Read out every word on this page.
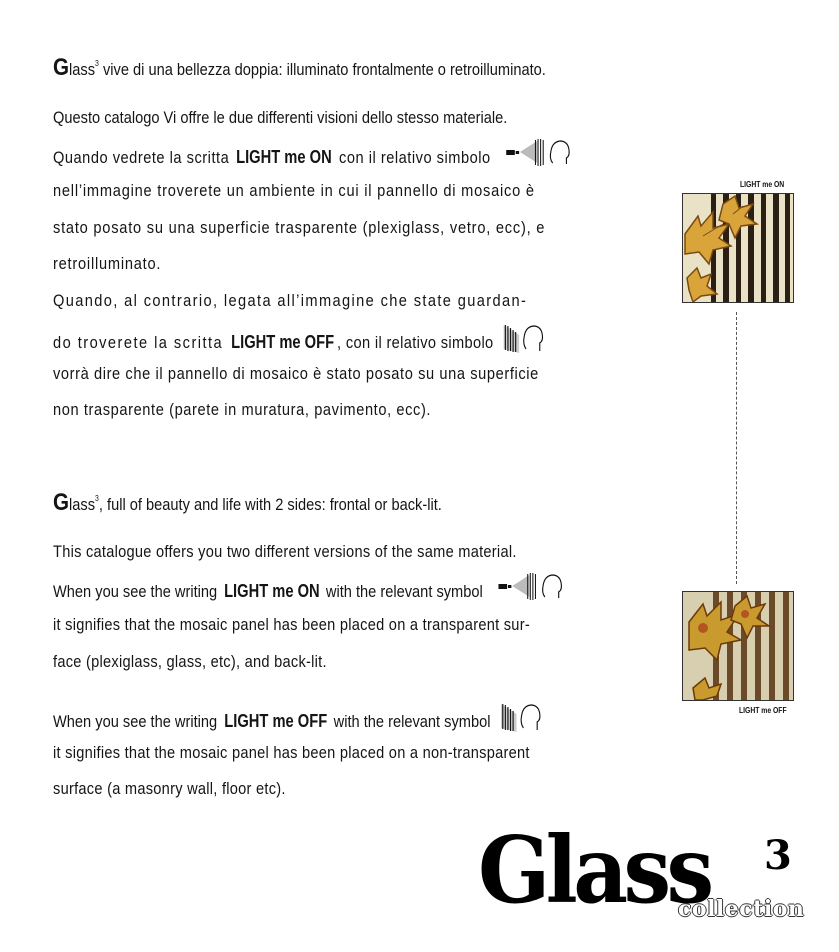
Glass$^3$ vive di una bellezza doppia: illuminato frontalmente o retroilluminato.
Questo catalogo Vi offre le due differenti visioni dello stesso materiale.
Quando vedrete la scritta LIGHT me ON con il relativo simbolo
nell’immagine troverete un ambiente in cui il pannello di mosaico è
stato posato su una superficie trasparente (plexiglass, vetro, ecc), e
retroilluminato.
Quando, al contrario, legata all’immagine che state guardan-
do troverete la scritta LIGHT me OFF , con il relativo simbolo
vorrà dire che il pannello di mosaico è stato posato su una superficie
non trasparente (parete in muratura, pavimento, ecc).
Glass$^3$, full of beauty and life with 2 sides: frontal or back-lit.
This catalogue offers you two different versions of the same material.
When you see the writing LIGHT me ON with the relevant symbol
it signifies that the mosaic panel has been placed on a transparent sur-
face (plexiglass, glass, etc), and back-lit.
When you see the writing LIGHT me OFF with the relevant symbol
it signifies that the mosaic panel has been placed on a non-transparent
surface (a masonry wall, floor etc).
LIGHT me ON
LIGHT me OFF
Glass 3
collection
